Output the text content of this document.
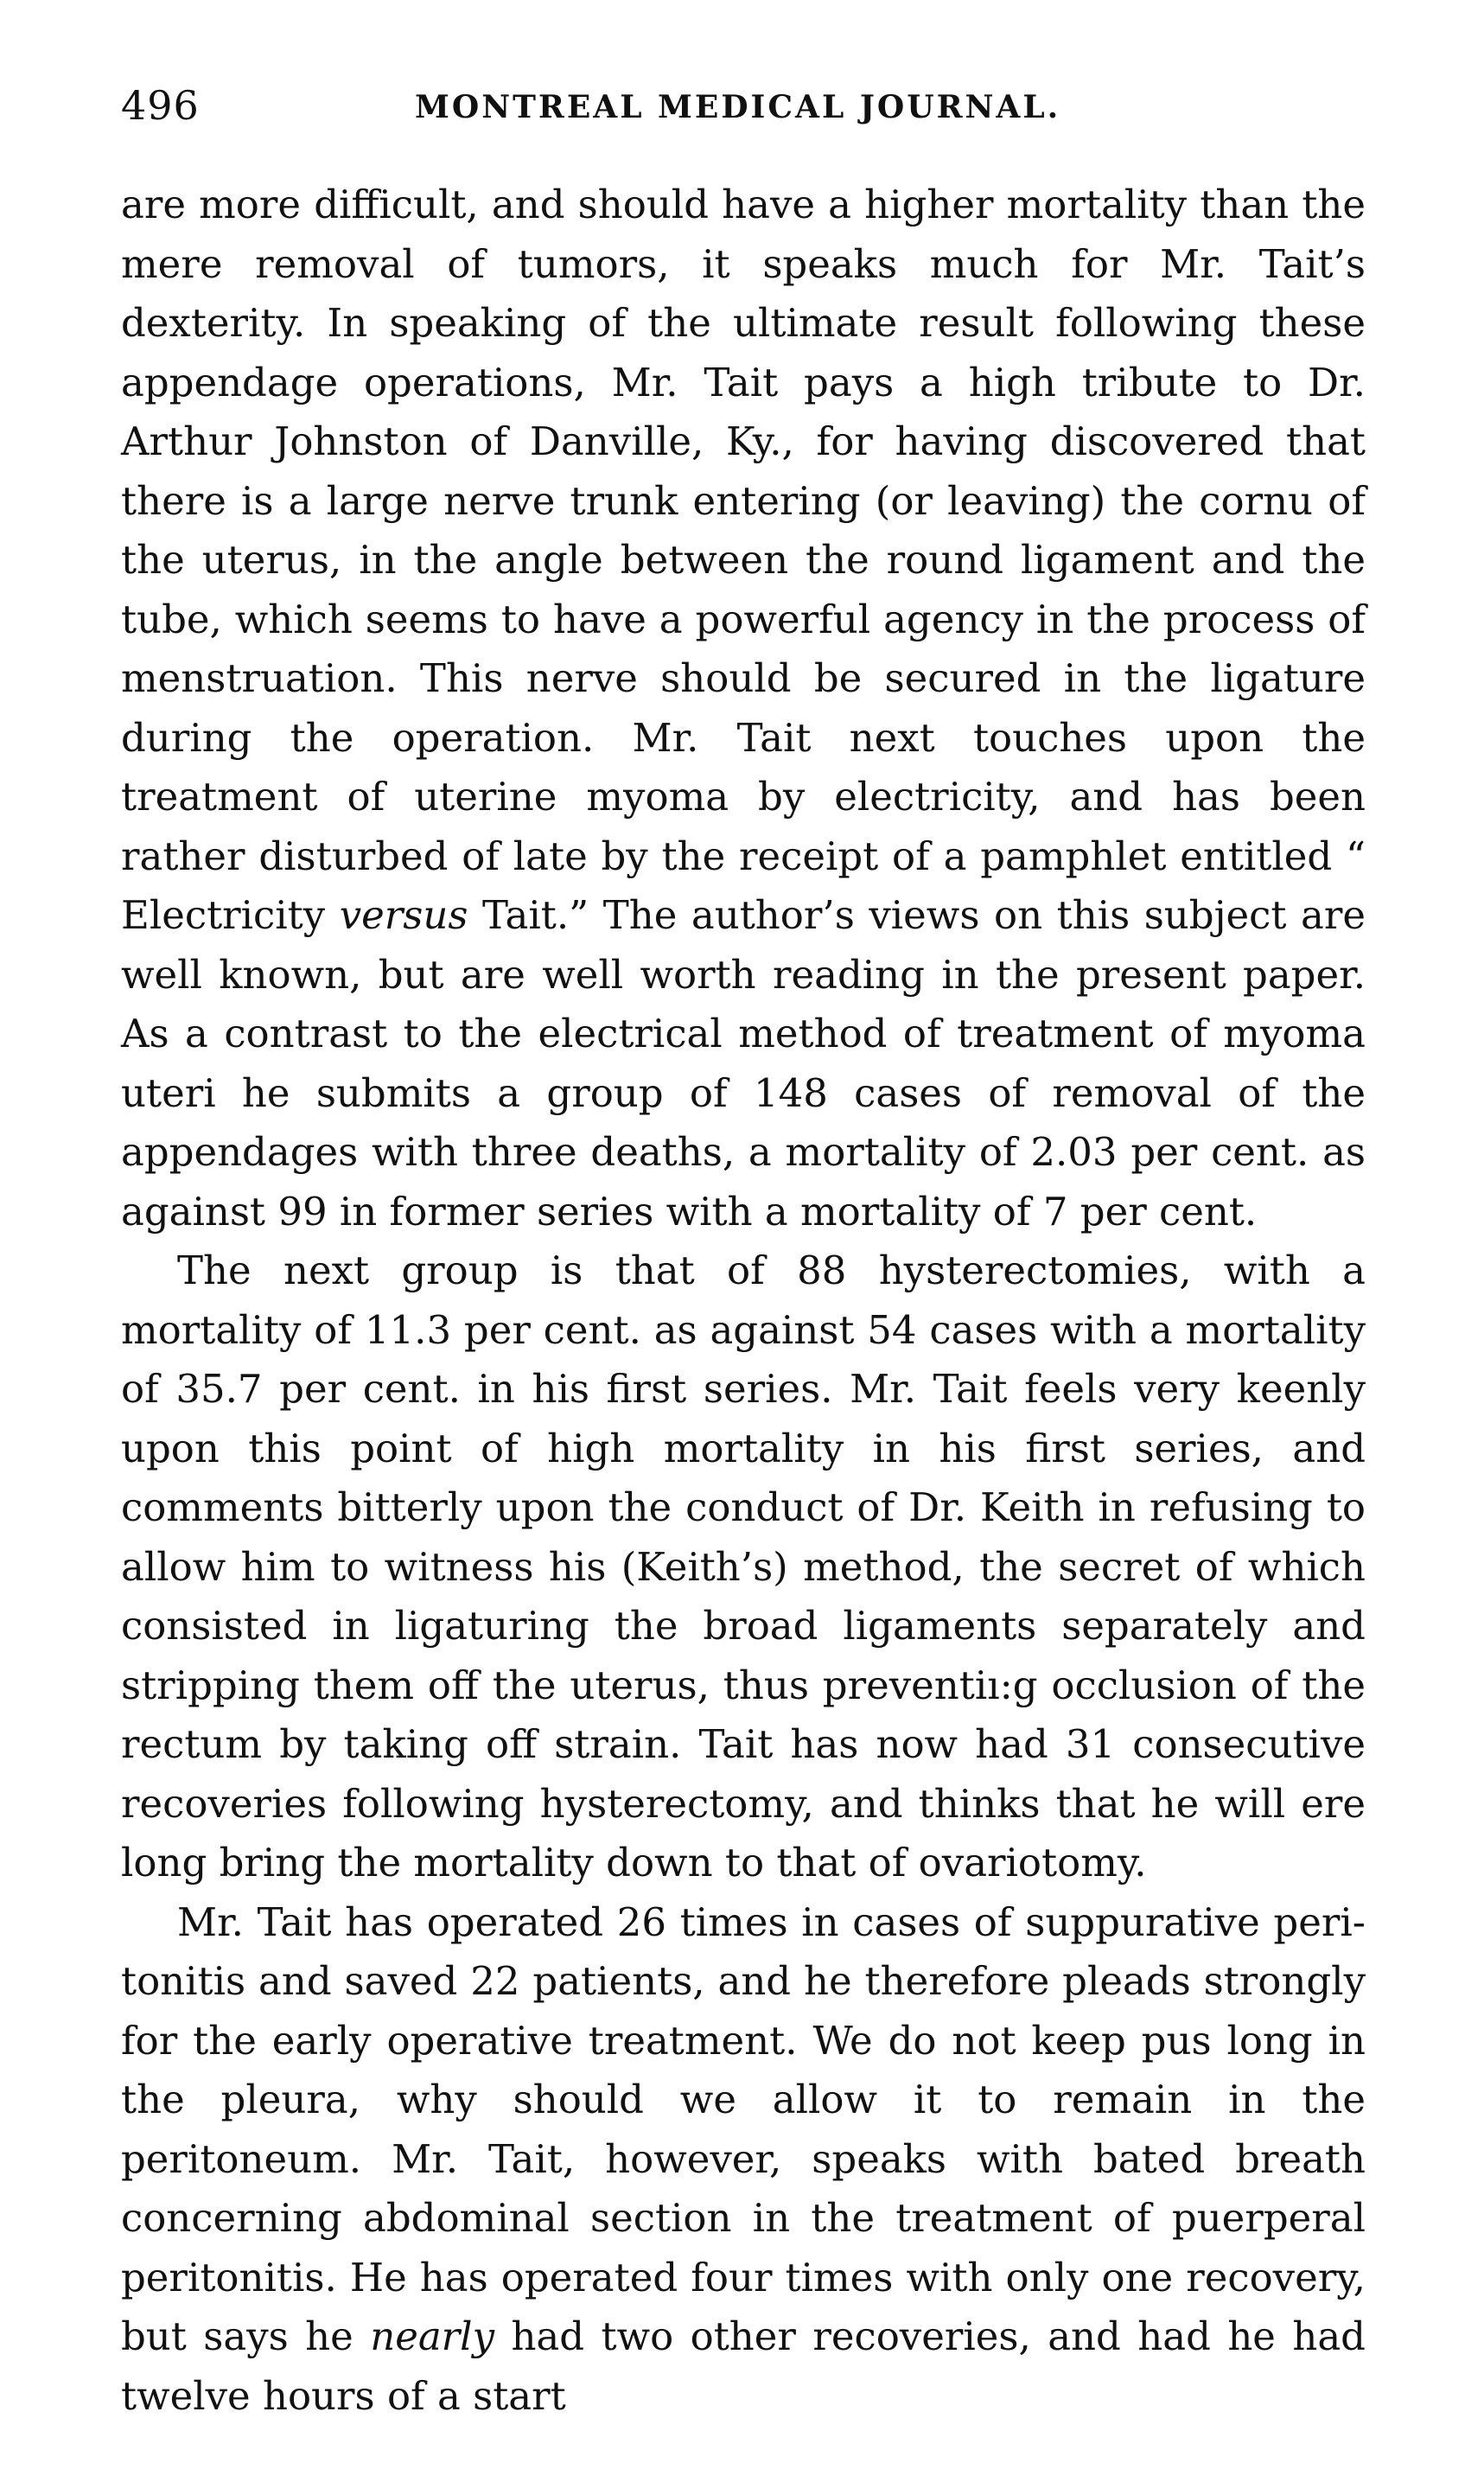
496	MONTREAL MEDICAL JOURNAL.

are more difficult, and should have a higher mortality than the mere removal of tumors, it speaks much for Mr. Tait’s dexterity. In speaking of the ultimate result following these appendage operations, Mr. Tait pays a high tribute to Dr. Arthur Johnston of Danville, Ky., for having discovered that there is a large nerve trunk entering (or leaving) the cornu of the uterus, in the angle between the round ligament and the tube, which seems to have a powerful agency in the process of menstruation. This nerve should be secured in the ligature during the operation. Mr. Tait next touches upon the treatment of uterine myoma by electricity, and has been rather disturbed of late by the receipt of a pamphlet entitled “ Electricity versus Tait.” The author’s views on this subject are well known, but are well worth reading in the present paper. As a contrast to the electrical method of treatment of myoma uteri he submits a group of 148 cases of removal of the appendages with three deaths, a mortality of 2.03 per cent. as against 99 in former series with a mortality of 7 per cent.

The next group is that of 88 hysterectomies, with a mortality of 11.3 per cent. as against 54 cases with a mortality of 35.7 per cent. in his first series. Mr. Tait feels very keenly upon this point of high mortality in his first series, and comments bitterly upon the conduct of Dr. Keith in refusing to allow him to witness his (Keith’s) method, the secret of which consisted in ligaturing the broad ligaments separately and stripping them off the uterus, thus preventiı:g occlusion of the rectum by taking off strain. Tait has now had 31 consecutive recoveries following hysterectomy, and thinks that he will ere long bring the mortality down to that of ovariotomy.

Mr. Tait has operated 26 times in cases of suppurative peritonitis and saved 22 patients, and he therefore pleads strongly for the early operative treatment. We do not keep pus long in the pleura, why should we allow it to remain in the peritoneum. Mr. Tait, however, speaks with bated breath concerning abdominal section in the treatment of puerperal peritonitis. He has operated four times with only one recovery, but says he nearly had two other recoveries, and had he had twelve hours of a start
